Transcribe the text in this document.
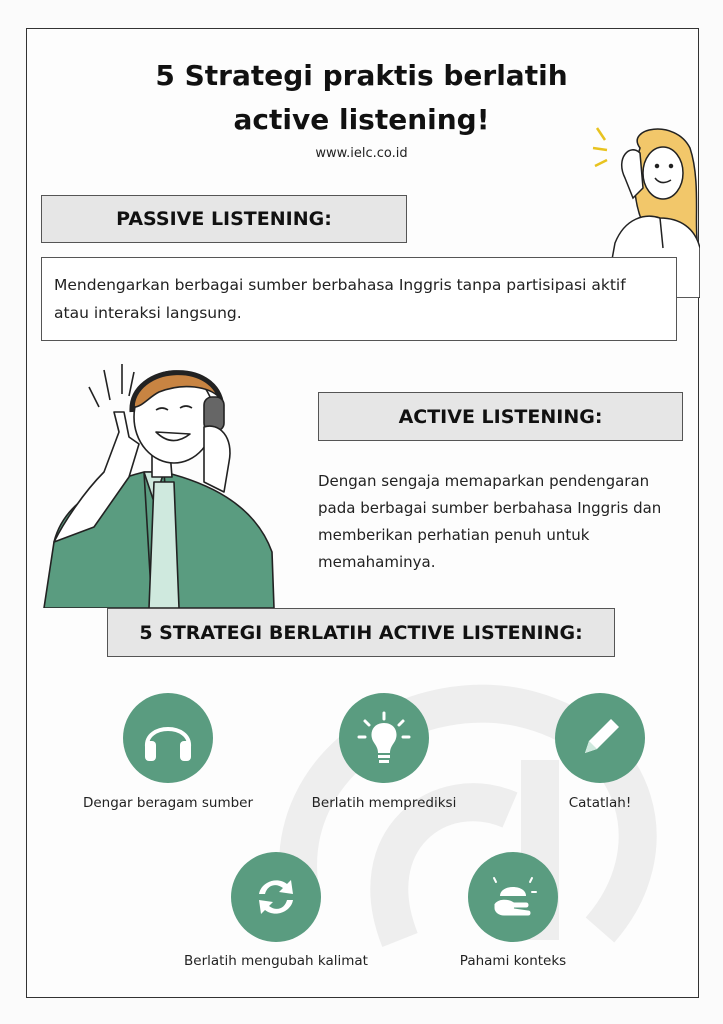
5 Strategi praktis berlatih
active listening!
www.ielc.co.id
PASSIVE LISTENING:
Mendengarkan berbagai sumber berbahasa Inggris tanpa partisipasi aktif atau interaksi langsung.
ACTIVE LISTENING:
Dengan sengaja memaparkan pendengaran pada berbagai sumber berbahasa Inggris dan memberikan perhatian penuh untuk memahaminya.
5 STRATEGI BERLATIH ACTIVE LISTENING:
Dengar beragam sumber	Berlatih memprediksi	Catatlah!
Berlatih mengubah kalimat	Pahami konteks
